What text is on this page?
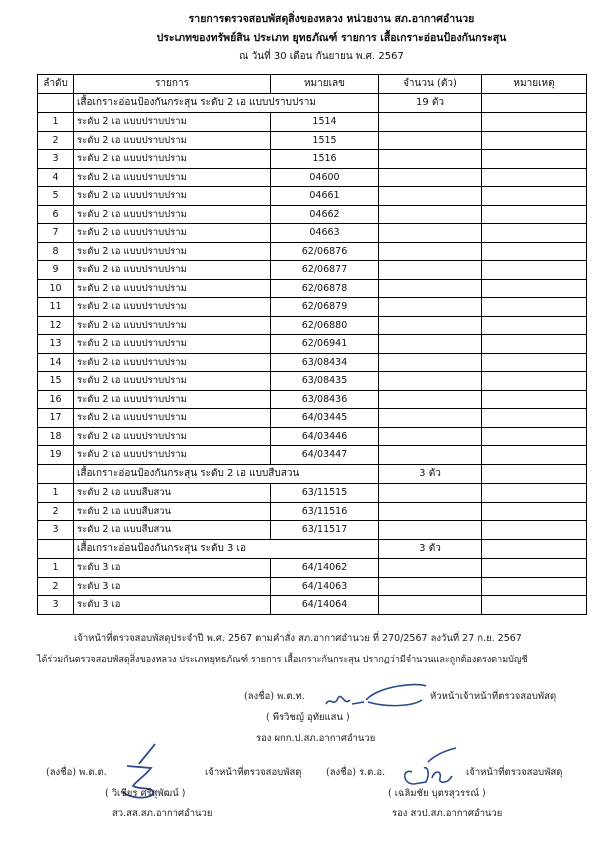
รายการตรวจสอบพัสดุสิ่งของหลวง หน่วยงาน สภ.อากาศอำนวย
ประเภทของทรัพย์สิน ประเภท ยุทธภัณฑ์ รายการ เสื้อเกราะอ่อนป้องกันกระสุน
ณ วันที่ 30 เดือน กันยายน พ.ศ. 2567
ลำดับ	รายการ	หมายเลข	จำนวน (ตัว)	หมายเหตุ
	เสื้อเกราะอ่อนป้องกันกระสุน ระดับ 2 เอ แบบปราบปราม		19 ตัว	
1	ระดับ 2 เอ แบบปราบปราม	1514		
2	ระดับ 2 เอ แบบปราบปราม	1515		
3	ระดับ 2 เอ แบบปราบปราม	1516		
4	ระดับ 2 เอ แบบปราบปราม	04600		
5	ระดับ 2 เอ แบบปราบปราม	04661		
6	ระดับ 2 เอ แบบปราบปราม	04662		
7	ระดับ 2 เอ แบบปราบปราม	04663		
8	ระดับ 2 เอ แบบปราบปราม	62/06876		
9	ระดับ 2 เอ แบบปราบปราม	62/06877		
10	ระดับ 2 เอ แบบปราบปราม	62/06878		
11	ระดับ 2 เอ แบบปราบปราม	62/06879		
12	ระดับ 2 เอ แบบปราบปราม	62/06880		
13	ระดับ 2 เอ แบบปราบปราม	62/06941		
14	ระดับ 2 เอ แบบปราบปราม	63/08434		
15	ระดับ 2 เอ แบบปราบปราม	63/08435		
16	ระดับ 2 เอ แบบปราบปราม	63/08436		
17	ระดับ 2 เอ แบบปราบปราม	64/03445		
18	ระดับ 2 เอ แบบปราบปราม	64/03446		
19	ระดับ 2 เอ แบบปราบปราม	64/03447		
	เสื้อเกราะอ่อนป้องกันกระสุน ระดับ 2 เอ แบบสืบสวน		3 ตัว	
1	ระดับ 2 เอ แบบสืบสวน	63/11515		
2	ระดับ 2 เอ แบบสืบสวน	63/11516		
3	ระดับ 2 เอ แบบสืบสวน	63/11517		
	เสื้อเกราะอ่อนป้องกันกระสุน ระดับ 3 เอ		3 ตัว	
1	ระดับ 3 เอ	64/14062		
2	ระดับ 3 เอ	64/14063		
3	ระดับ 3 เอ	64/14064		
เจ้าหน้าที่ตรวจสอบพัสดุประจำปี พ.ศ. 2567 ตามคำสั่ง สภ.อากาศอำนวย ที่ 270/2567 ลงวันที่ 27 ก.ย. 2567
ได้ร่วมกันตรวจสอบพัสดุสิ่งของหลวง ประเภทยุทธภัณฑ์ รายการ เสื้อเกราะกันกระสุน ปรากฏว่ามีจำนวนและถูกต้องตรงตามบัญชี
(ลงชื่อ) พ.ต.ท.	หัวหน้าเจ้าหน้าที่ตรวจสอบพัสดุ
( พีรวิชญ์ อุทัยแสน )
รอง ผกก.ป.สภ.อากาศอำนวย
(ลงชื่อ) พ.ต.ต.	เจ้าหน้าที่ตรวจสอบพัสดุ
( วิเชียร ศรีสุพัฒน์ )
สว.สส.สภ.อากาศอำนวย
(ลงชื่อ) ร.ต.อ.	เจ้าหน้าที่ตรวจสอบพัสดุ
( เฉลิมชัย บุตรสุวรรณ์ )
รอง สวป.สภ.อากาศอำนวย
